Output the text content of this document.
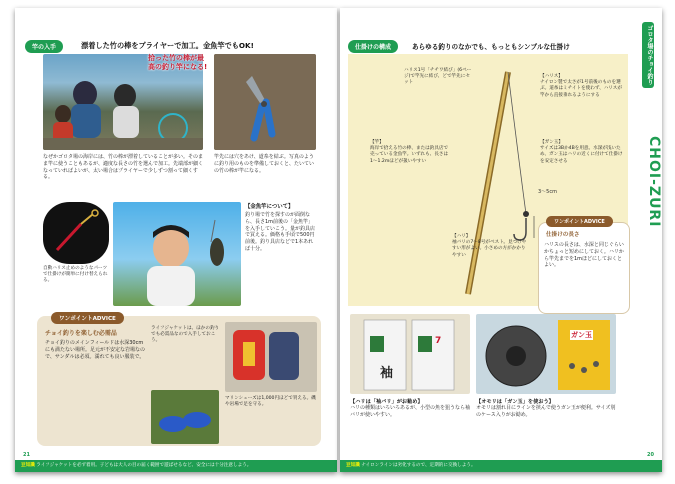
竿の入手	漂着した竹の棒をプライヤーで加工。金魚竿でもOK!
拾った竹の棒が最高の釣り竿になる!
なぜかゴロタ場の海岸には、竹の棒が漂着していることが多い。そのまま竿に使うこともあるが、適度な長さの竹を選んで加工。先端部が細くなっていればよいが、太い場合はプライヤーで少しずつ割って細くする。
竿先には穴をあけ、道糸を結ぶ。写真のように釣り用のものを準備しておくと、たいていの竹の棒が竿になる。
自動ハリス止めのようなパーツで仕掛けが簡単に付け替えられる。
【金魚竿について】
釣り場で竹を探すのが面倒なら、長さ1m前後の「金魚竿」を入手していこう。量が釣具店で買える。価格も手頃で500円前後。釣り具店などで1本あれば十分。
ワンポイントADVICE
チョイ釣りを楽しむ必需品
チョイ釣りのメインフィールドは水深30cmにも満たない場所。足元が不安定な岩場なので、サンダルは必須。濡れても良い服装で。
ライフジャケットは、ほかの釣りでも必需品なので入手しておこう。
マリンシューズは1,000円ほどで買える。磯や岩場で足を守る。
21
豆知識 ライフジャケットを必ず着用。子どもは大人の目の届く範囲で遊ばせるなど、安全には十分注意しよう。
仕掛けの構成	あらゆる釣りのなかでも、もっともシンプルな仕掛け
ハリス1号「チチワ結び」(6ページ)で竿先に結び、どで竿先にセット
【竿】
海岸で拾える竹の棒、または釣具店で売っている金魚竿。いずれも、長さは1〜1.2mほどが扱いやすい
【ハリス】
ナイロン製で太さが1号前後のものを選ぶ。道糸はミチイトを使わず、ハリスが竿から直接垂れるようにする
【ガン玉】
サイズは3Bか4Bを用意。水深が浅いため、ガン玉はハリの近くに付けて仕掛けを安定させる
【ハリ】
袖バリの7〜8号がベスト。見つけやすい形がよい。小さめの方がかかりやすい
3〜5cm
ワンポイントADVICE
仕掛けの長さ
ハリスの長さは、水深と同じぐらいかちょっと短めにしておく。ハリから竿先までを1mほどにしておくとよい。
袖
7
ガン玉
【ハリは「袖バリ」がお勧め】
ハリの種類はいろいろあるが、小型の魚を狙うなら袖バリが使いやすい。
【オモリは「ガン玉」を使おう】
オモリは割れ目にラインを挟んで使うガン玉が便利。サイズ別のケース入りがお勧め。
ゴロタ場のチョイ釣り
CHOI-ZURI
20
豆知識 ナイロンラインは劣化するので、定期的に交換しよう。
